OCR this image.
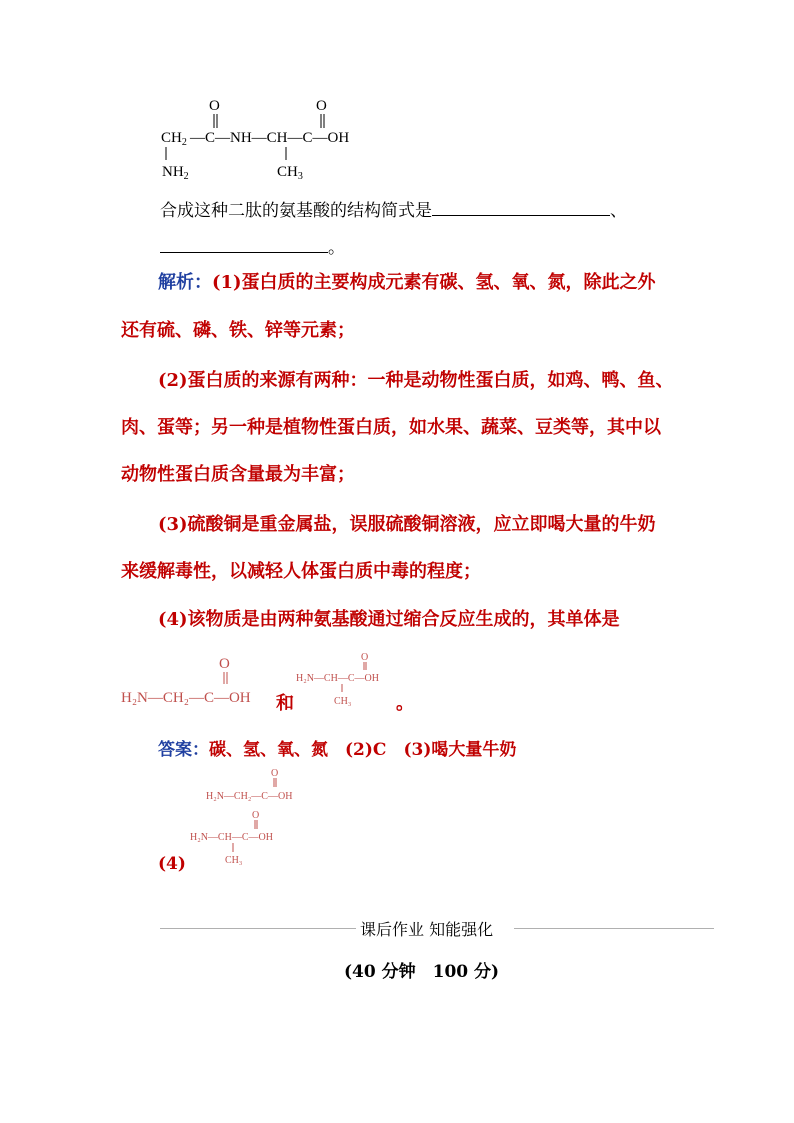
O	O
$CH_2$ —C—NH—CH—C—OH
$NH_2$	$CH_3$
合成这种二肽的氨基酸的结构简式是	、
。
解析：(1)蛋白质的主要构成元素有碳、氢、氧、氮，除此之外
还有硫、磷、铁、锌等元素；
(2)蛋白质的来源有两种：一种是动物性蛋白质，如鸡、鸭、鱼、
肉、蛋等；另一种是植物性蛋白质，如水果、蔬菜、豆类等，其中以
动物性蛋白质含量最为丰富；
(3)硫酸铜是重金属盐，误服硫酸铜溶液，应立即喝大量的牛奶
来缓解毒性，以减轻人体蛋白质中毒的程度；
(4)该物质是由两种氨基酸通过缩合反应生成的，其单体是
O
H₂N—CH₂—C—OH 和
O
H₂N—CH—C—OH
CH₃ 。
答案：碳、氢、氧、氮　(2)C　(3)喝大量牛奶
O
H₂N—CH₂—C—OH
O
H₂N—CH—C—OH
CH₃
(4)
课后作业 知能强化
(40 分钟　100 分)
